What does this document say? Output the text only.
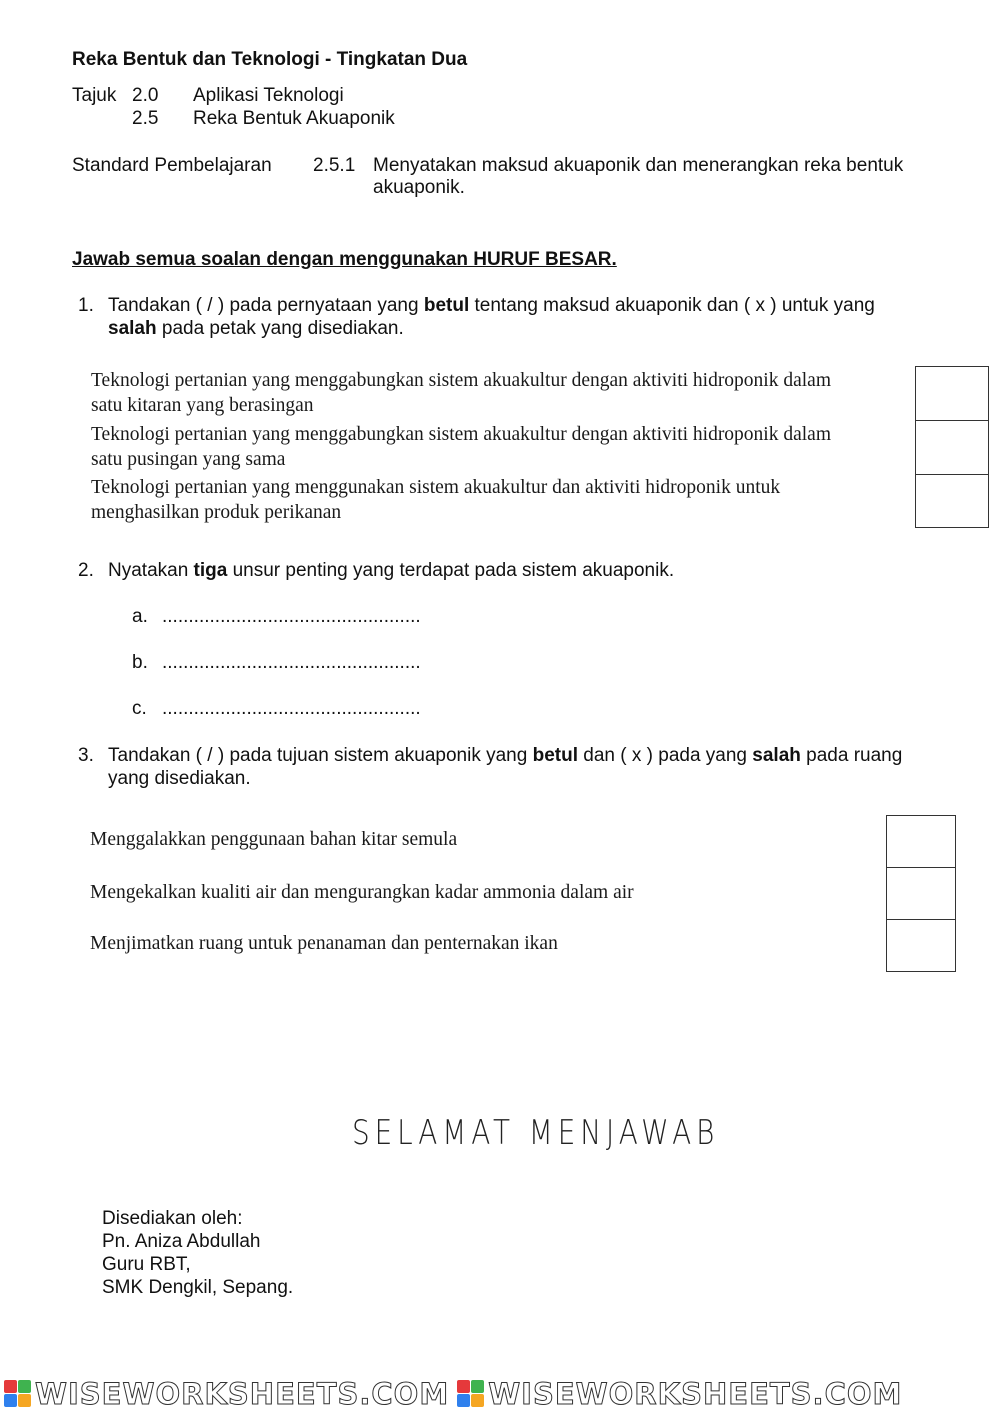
Reka Bentuk dan Teknologi - Tingkatan Dua
Tajuk 2.0 Aplikasi Teknologi
2.5 Reka Bentuk Akuaponik
Standard Pembelajaran 2.5.1 Menyatakan maksud akuaponik dan menerangkan reka bentuk
akuaponik.
Jawab semua soalan dengan menggunakan HURUF BESAR.
1. Tandakan ( / ) pada pernyataan yang betul tentang maksud akuaponik dan ( x ) untuk yang
salah pada petak yang disediakan.
Teknologi pertanian yang menggabungkan sistem akuakultur dengan aktiviti hidroponik dalam
satu kitaran yang berasingan
Teknologi pertanian yang menggabungkan sistem akuakultur dengan aktiviti hidroponik dalam
satu pusingan yang sama
Teknologi pertanian yang menggunakan sistem akuakultur dan aktiviti hidroponik untuk
menghasilkan produk perikanan
2. Nyatakan tiga unsur penting yang terdapat pada sistem akuaponik.
a. .................................................
b. .................................................
c. .................................................
3. Tandakan ( / ) pada tujuan sistem akuaponik yang betul dan ( x ) pada yang salah pada ruang
yang disediakan.
Menggalakkan penggunaan bahan kitar semula
Mengekalkan kualiti air dan mengurangkan kadar ammonia dalam air
Menjimatkan ruang untuk penanaman dan penternakan ikan
SELAMAT MENJAWAB
Disediakan oleh:
Pn. Aniza Abdullah
Guru RBT,
SMK Dengkil, Sepang.
WISEWORKSHEETS.COM WISEWORKSHEETS.COM
